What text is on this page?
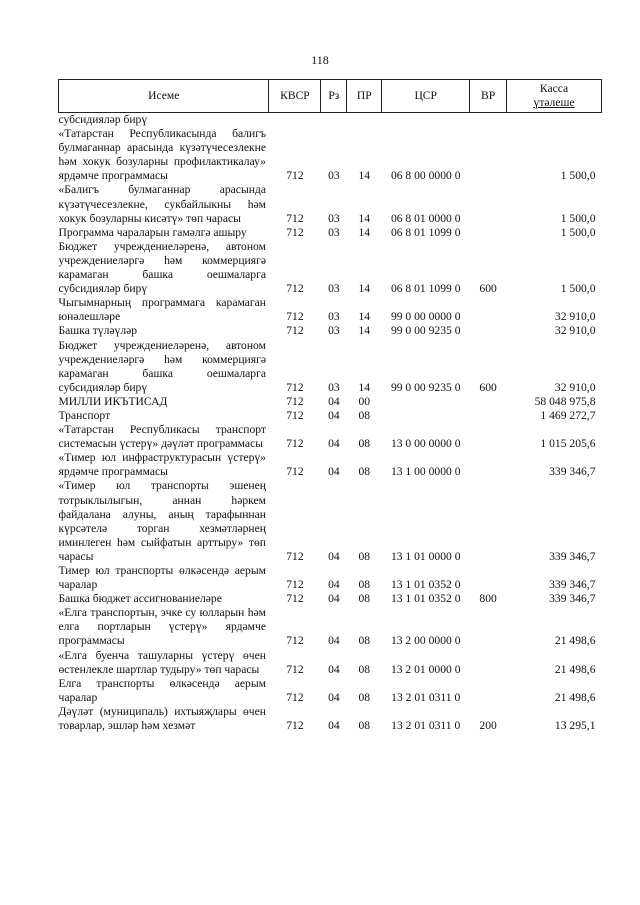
118
Исеме	КВСР	Рз	ПР	ЦСР	ВР	Касса
үтәлеше
субсидияләр бирү						
«Татарстан Республикасында балигъ булмаганнар арасында күзәтүчесезлекне һәм хокук бозуларны профилактикалау» ярдәмче программасы	712	03	14	06 8 00 0000 0		1 500,0
«Балигъ булмаганнар арасында күзәтүчесезлекне, сукбайлыкны һәм хокук бозуларны кисәтү» төп чарасы	712	03	14	06 8 01 0000 0		1 500,0
Программа чараларын гамәлгә ашыру	712	03	14	06 8 01 1099 0		1 500,0
Бюджет учреждениеләренә, автоном учреждениеләргә һәм коммерциягә карамаган башка оешмаларга субсидияләр бирү	712	03	14	06 8 01 1099 0	600	1 500,0
Чыгымнарның программага карамаган юнәлешләре	712	03	14	99 0 00 0000 0		32 910,0
Башка түләүләр	712	03	14	99 0 00 9235 0		32 910,0
Бюджет учреждениеләренә, автоном учреждениеләргә һәм коммерциягә карамаган башка оешмаларга субсидияләр бирү	712	03	14	99 0 00 9235 0	600	32 910,0
МИЛЛИ ИКЪТИСАД	712	04	00			58 048 975,8
Транспорт	712	04	08			1 469 272,7
«Татарстан Республикасы транспорт системасын үстерү» дәүләт программасы	712	04	08	13 0 00 0000 0		1 015 205,6
«Тимер юл инфраструктурасын үстерү» ярдәмче программасы	712	04	08	13 1 00 0000 0		339 346,7
«Тимер юл транспорты эшенең тотрыклылыгын, аннан һәркем файдалана алуны, аның тарафыннан күрсәтелә торган хезмәтләрнең иминлеген һәм сыйфатын арттыру» төп чарасы	712	04	08	13 1 01 0000 0		339 346,7
Тимер юл транспорты өлкәсендә аерым чаралар	712	04	08	13 1 01 0352 0		339 346,7
Башка бюджет ассигнованиеләре	712	04	08	13 1 01 0352 0	800	339 346,7
«Елга транспортын, эчке су юлларын һәм елга портларын үстерү» ярдәмче программасы	712	04	08	13 2 00 0000 0		21 498,6
«Елга буенча ташуларны үстерү өчен өстенлекле шартлар тудыру» төп чарасы	712	04	08	13 2 01 0000 0		21 498,6
Елга транспорты өлкәсендә аерым чаралар	712	04	08	13 2 01 0311 0		21 498,6
Дәүләт (муниципаль) ихтыяҗлары өчен товарлар, эшләр һәм хезмәт	712	04	08	13 2 01 0311 0	200	13 295,1
